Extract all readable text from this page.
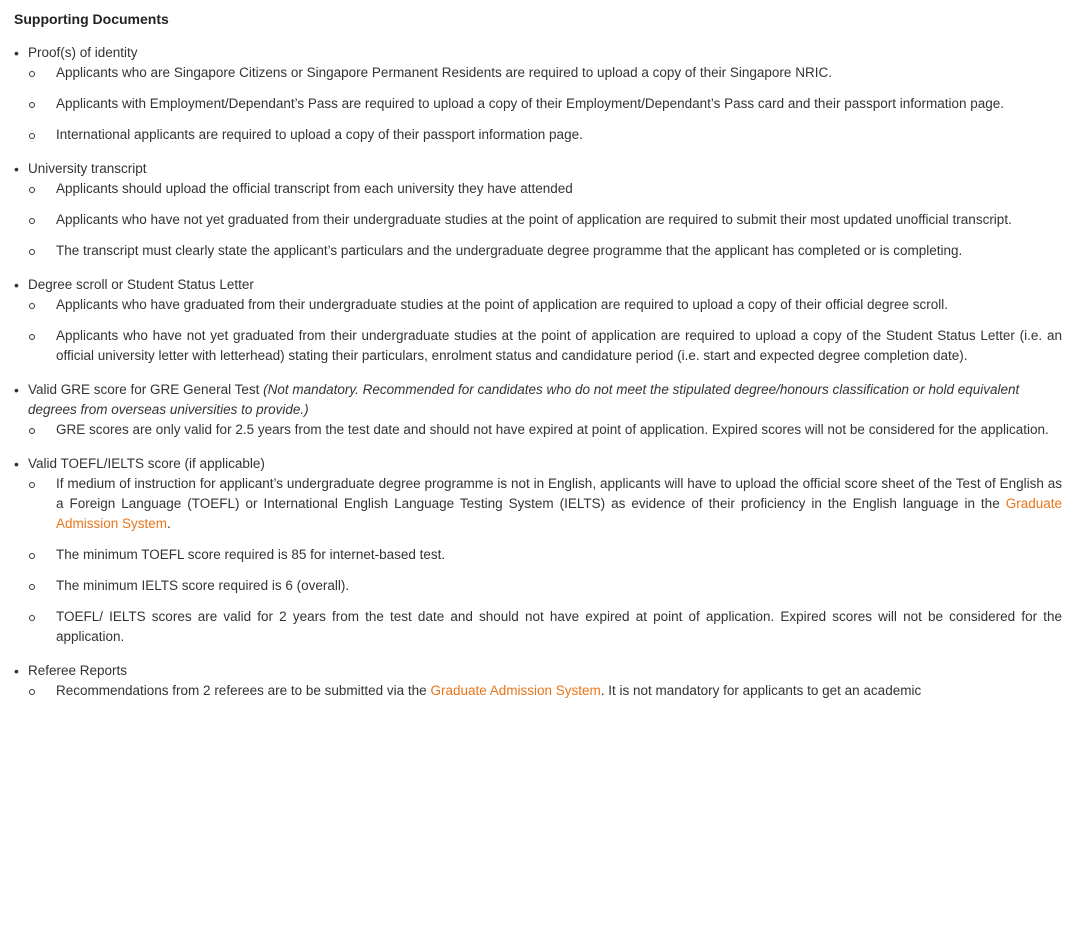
Supporting Documents
• Proof(s) of identity
Applicants who are Singapore Citizens or Singapore Permanent Residents are required to upload a copy of their Singapore NRIC.
Applicants with Employment/Dependant’s Pass are required to upload a copy of their Employment/Dependant’s Pass card and their passport information page.
International applicants are required to upload a copy of their passport information page.
• University transcript
Applicants should upload the official transcript from each university they have attended
Applicants who have not yet graduated from their undergraduate studies at the point of application are required to submit their most updated unofficial transcript.
The transcript must clearly state the applicant’s particulars and the undergraduate degree programme that the applicant has completed or is completing.
• Degree scroll or Student Status Letter
Applicants who have graduated from their undergraduate studies at the point of application are required to upload a copy of their official degree scroll.
Applicants who have not yet graduated from their undergraduate studies at the point of application are required to upload a copy of the Student Status Letter (i.e. an official university letter with letterhead) stating their particulars, enrolment status and candidature period (i.e. start and expected degree completion date).
• Valid GRE score for GRE General Test (Not mandatory. Recommended for candidates who do not meet the stipulated degree/honours classification or hold equivalent degrees from overseas universities to provide.)
GRE scores are only valid for 2.5 years from the test date and should not have expired at point of application. Expired scores will not be considered for the application.
• Valid TOEFL/IELTS score (if applicable)
If medium of instruction for applicant’s undergraduate degree programme is not in English, applicants will have to upload the official score sheet of the Test of English as a Foreign Language (TOEFL) or International English Language Testing System (IELTS) as evidence of their proficiency in the English language in the Graduate Admission System.
The minimum TOEFL score required is 85 for internet-based test.
The minimum IELTS score required is 6 (overall).
TOEFL/ IELTS scores are valid for 2 years from the test date and should not have expired at point of application. Expired scores will not be considered for the application.
• Referee Reports
Recommendations from 2 referees are to be submitted via the Graduate Admission System. It is not mandatory for applicants to get an academic
